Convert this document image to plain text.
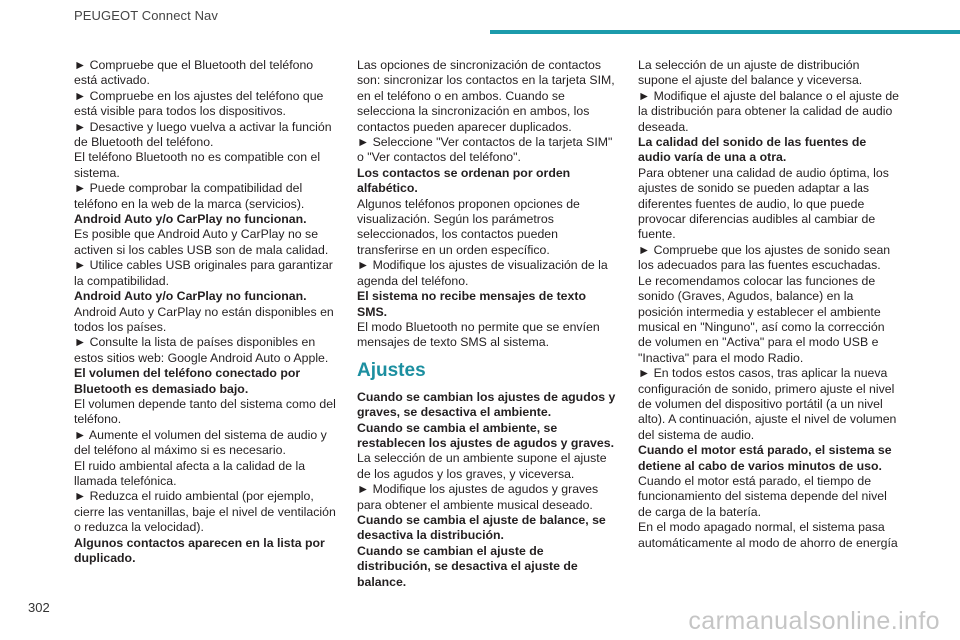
PEUGEOT Connect Nav

► Compruebe que el Bluetooth del teléfono está activado.

► Compruebe en los ajustes del teléfono que está visible para todos los dispositivos.

► Desactive y luego vuelva a activar la función de Bluetooth del teléfono.

El teléfono Bluetooth no es compatible con el sistema.

► Puede comprobar la compatibilidad del teléfono en la web de la marca (servicios).

Android Auto y/o CarPlay no funcionan.

Es posible que Android Auto y CarPlay no se activen si los cables USB son de mala calidad.

► Utilice cables USB originales para garantizar la compatibilidad.

Android Auto y/o CarPlay no funcionan.

Android Auto y CarPlay no están disponibles en todos los países.

► Consulte la lista de países disponibles en estos sitios web: Google Android Auto o Apple.

El volumen del teléfono conectado por Bluetooth es demasiado bajo.

El volumen depende tanto del sistema como del teléfono.

► Aumente el volumen del sistema de audio y del teléfono al máximo si es necesario.

El ruido ambiental afecta a la calidad de la llamada telefónica.

► Reduzca el ruido ambiental (por ejemplo, cierre las ventanillas, baje el nivel de ventilación o reduzca la velocidad).

Algunos contactos aparecen en la lista por duplicado.

Las opciones de sincronización de contactos son: sincronizar los contactos en la tarjeta SIM, en el teléfono o en ambos. Cuando se selecciona la sincronización en ambos, los contactos pueden aparecer duplicados.

► Seleccione "Ver contactos de la tarjeta SIM" o "Ver contactos del teléfono".

Los contactos se ordenan por orden alfabético.

Algunos teléfonos proponen opciones de visualización. Según los parámetros seleccionados, los contactos pueden transferirse en un orden específico.

► Modifique los ajustes de visualización de la agenda del teléfono.

El sistema no recibe mensajes de texto SMS.

El modo Bluetooth no permite que se envíen mensajes de texto SMS al sistema.

Ajustes

Cuando se cambian los ajustes de agudos y graves, se desactiva el ambiente.

Cuando se cambia el ambiente, se restablecen los ajustes de agudos y graves.

La selección de un ambiente supone el ajuste de los agudos y los graves, y viceversa.

► Modifique los ajustes de agudos y graves para obtener el ambiente musical deseado.

Cuando se cambia el ajuste de balance, se desactiva la distribución.

Cuando se cambian el ajuste de distribución, se desactiva el ajuste de balance.

La selección de un ajuste de distribución supone el ajuste del balance y viceversa.

► Modifique el ajuste del balance o el ajuste de la distribución para obtener la calidad de audio deseada.

La calidad del sonido de las fuentes de audio varía de una a otra.

Para obtener una calidad de audio óptima, los ajustes de sonido se pueden adaptar a las diferentes fuentes de audio, lo que puede provocar diferencias audibles al cambiar de fuente.

► Compruebe que los ajustes de sonido sean los adecuados para las fuentes escuchadas.

Le recomendamos colocar las funciones de sonido (Graves, Agudos, balance) en la posición intermedia y establecer el ambiente musical en "Ninguno", así como la corrección de volumen en "Activa" para el modo USB e "Inactiva" para el modo Radio.

► En todos estos casos, tras aplicar la nueva configuración de sonido, primero ajuste el nivel de volumen del dispositivo portátil (a un nivel alto). A continuación, ajuste el nivel de volumen del sistema de audio.

Cuando el motor está parado, el sistema se detiene al cabo de varios minutos de uso.

Cuando el motor está parado, el tiempo de funcionamiento del sistema depende del nivel de carga de la batería.

En el modo apagado normal, el sistema pasa automáticamente al modo de ahorro de energía

302	carmanualsonline.info
